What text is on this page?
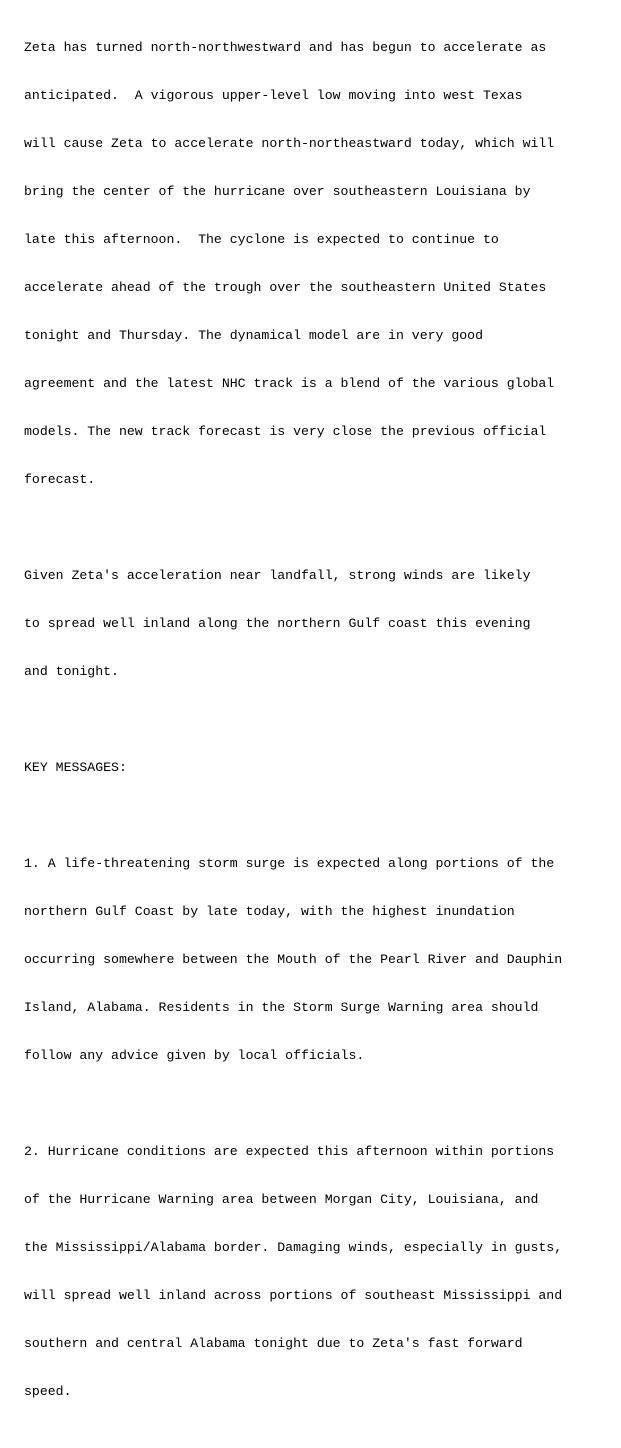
Zeta has turned north-northwestward and has begun to accelerate as

anticipated.  A vigorous upper-level low moving into west Texas

will cause Zeta to accelerate north-northeastward today, which will

bring the center of the hurricane over southeastern Louisiana by

late this afternoon.  The cyclone is expected to continue to

accelerate ahead of the trough over the southeastern United States

tonight and Thursday. The dynamical model are in very good

agreement and the latest NHC track is a blend of the various global

models. The new track forecast is very close the previous official

forecast.

Given Zeta's acceleration near landfall, strong winds are likely

to spread well inland along the northern Gulf coast this evening

and tonight.

KEY MESSAGES:

1. A life-threatening storm surge is expected along portions of the

northern Gulf Coast by late today, with the highest inundation

occurring somewhere between the Mouth of the Pearl River and Dauphin

Island, Alabama. Residents in the Storm Surge Warning area should

follow any advice given by local officials.

2. Hurricane conditions are expected this afternoon within portions

of the Hurricane Warning area between Morgan City, Louisiana, and

the Mississippi/Alabama border. Damaging winds, especially in gusts,

will spread well inland across portions of southeast Mississippi and

southern and central Alabama tonight due to Zeta's fast forward

speed.
